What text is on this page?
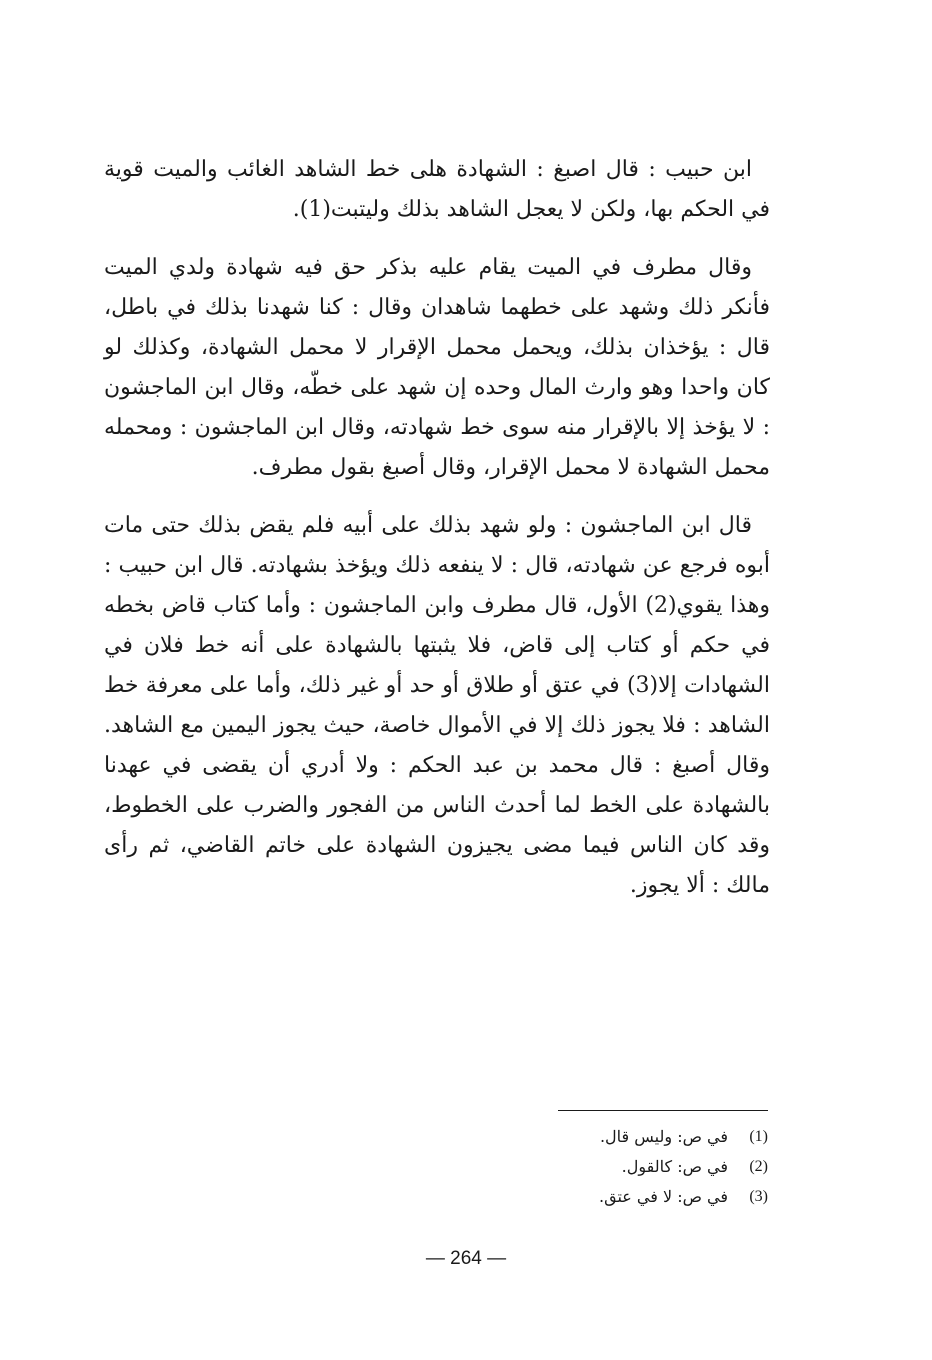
ابن حبيب : قال اصبغ : الشهادة هلى خط الشاهد الغائب والميت قوية في الحكم بها، ولكن لا يعجل الشاهد بذلك وليتبت(1).

وقال مطرف في الميت يقام عليه بذكر حق فيه شهادة ولدي الميت فأنكر ذلك وشهد على خطهما شاهدان وقال : كنا شهدنا بذلك في باطل، قال : يؤخذان بذلك، ويحمل محمل الإقرار لا محمل الشهادة، وكذلك لو كان واحدا وهو وارث المال وحده إن شهد على خطّه، وقال ابن الماجشون : لا يؤخذ إلا بالإقرار منه سوى خط شهادته، وقال ابن الماجشون : ومحمله محمل الشهادة لا محمل الإقرار، وقال أصبغ بقول مطرف.

قال ابن الماجشون : ولو شهد بذلك على أبيه فلم يقض بذلك حتى مات أبوه فرجع عن شهادته، قال : لا ينفعه ذلك ويؤخذ بشهادته. قال ابن حبيب : وهذا يقوي(2) الأول، قال مطرف وابن الماجشون : وأما كتاب قاض بخطه في حكم أو كتاب إلى قاض، فلا يثبتها بالشهادة على أنه خط فلان في الشهادات إلا(3) في عتق أو طلاق أو حد أو غير ذلك، وأما على معرفة خط الشاهد : فلا يجوز ذلك إلا في الأموال خاصة، حيث يجوز اليمين مع الشاهد. وقال أصبغ : قال محمد بن عبد الحكم : ولا أدري أن يقضى في عهدنا بالشهادة على الخط لما أحدث الناس من الفجور والضرب على الخطوط، وقد كان الناس فيما مضى يجيزون الشهادة على خاتم القاضي، ثم رأى مالك : ألا يجوز.

(1)
في ص: وليس قال.
(2)
في ص: كالقول.
(3)
في ص: لا في عتق.
— 264 —
